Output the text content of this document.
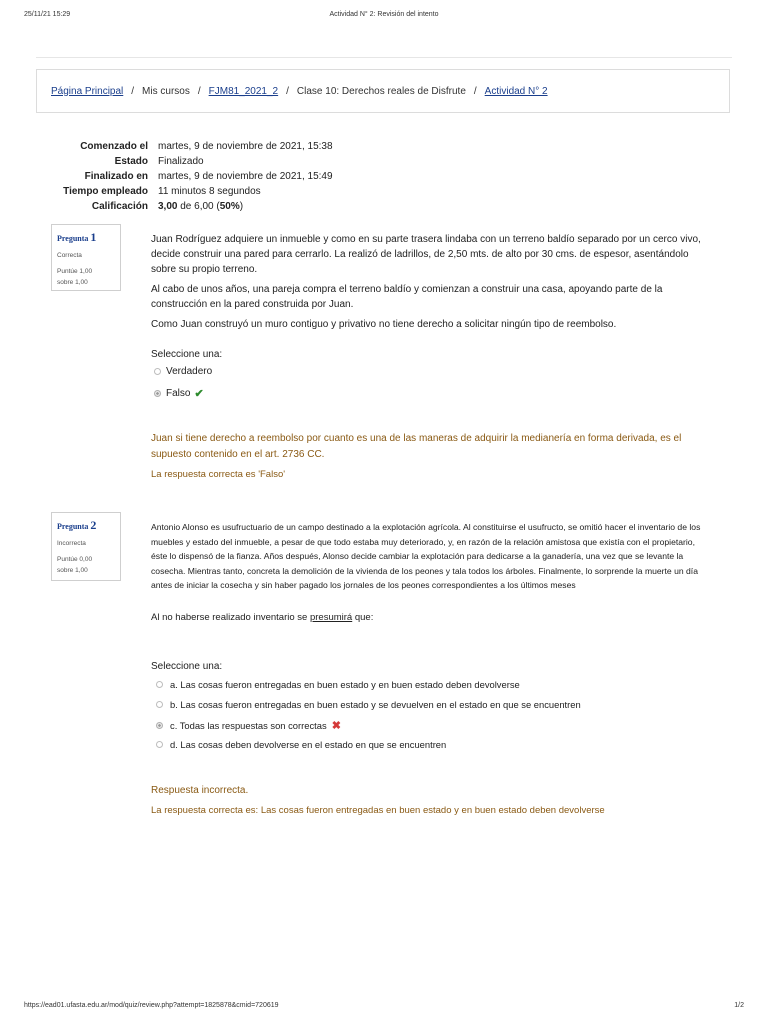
25/11/21 15:29	Actividad N° 2: Revisión del intento
Página Principal / Mis cursos / FJM81_2021_2 / Clase 10: Derechos reales de Disfrute / Actividad N° 2
Comenzado el martes, 9 de noviembre de 2021, 15:38
Estado Finalizado
Finalizado en martes, 9 de noviembre de 2021, 15:49
Tiempo empleado 11 minutos 8 segundos
Calificación 3,00 de 6,00 (50%)
Pregunta 1
Correcta
Puntúe 1,00
sobre 1,00

Juan Rodríguez adquiere un inmueble y como en su parte trasera lindaba con un terreno baldío separado por un cerco vivo, decide construir una pared para cerrarlo. La realizó de ladrillos, de 2,50 mts. de alto por 30 cms. de espesor, asentándolo sobre su propio terreno.

Al cabo de unos años, una pareja compra el terreno baldío y comienzan a construir una casa, apoyando parte de la construcción en la pared construida por Juan.

Como Juan construyó un muro contiguo y privativo no tiene derecho a solicitar ningún tipo de reembolso.

Seleccione una:
Verdadero
Falso ✔
Juan si tiene derecho a reembolso por cuanto es una de las maneras de adquirir la medianería en forma derivada, es el supuesto contenido en el art. 2736 CC.
La respuesta correcta es 'Falso'
Pregunta 2
Incorrecta
Puntúe 0,00
sobre 1,00
Antonio Alonso es usufructuario de un campo destinado a la explotación agrícola. Al constituirse el usufructo, se omitió hacer el inventario de los muebles y estado del inmueble, a pesar de que todo estaba muy deteriorado, y, en razón de la relación amistosa que existía con el propietario, éste lo dispensó de la fianza. Años después, Alonso decide cambiar la explotación para dedicarse a la ganadería, una vez que se levante la cosecha. Mientras tanto, concreta la demolición de la vivienda de los peones y tala todos los árboles. Finalmente, lo sorprende la muerte un día antes de iniciar la cosecha y sin haber pagado los jornales de los peones correspondientes a los últimos meses
Al no haberse realizado inventario se presumirá que:
Seleccione una:
a. Las cosas fueron entregadas en buen estado y en buen estado deben devolverse
b. Las cosas fueron entregadas en buen estado y se devuelven en el estado en que se encuentren
c. Todas las respuestas son correctas ✖
d. Las cosas deben devolverse en el estado en que se encuentren
Respuesta incorrecta.
La respuesta correcta es: Las cosas fueron entregadas en buen estado y en buen estado deben devolverse
https://ead01.ufasta.edu.ar/mod/quiz/review.php?attempt=1825878&cmid=720619	1/2
